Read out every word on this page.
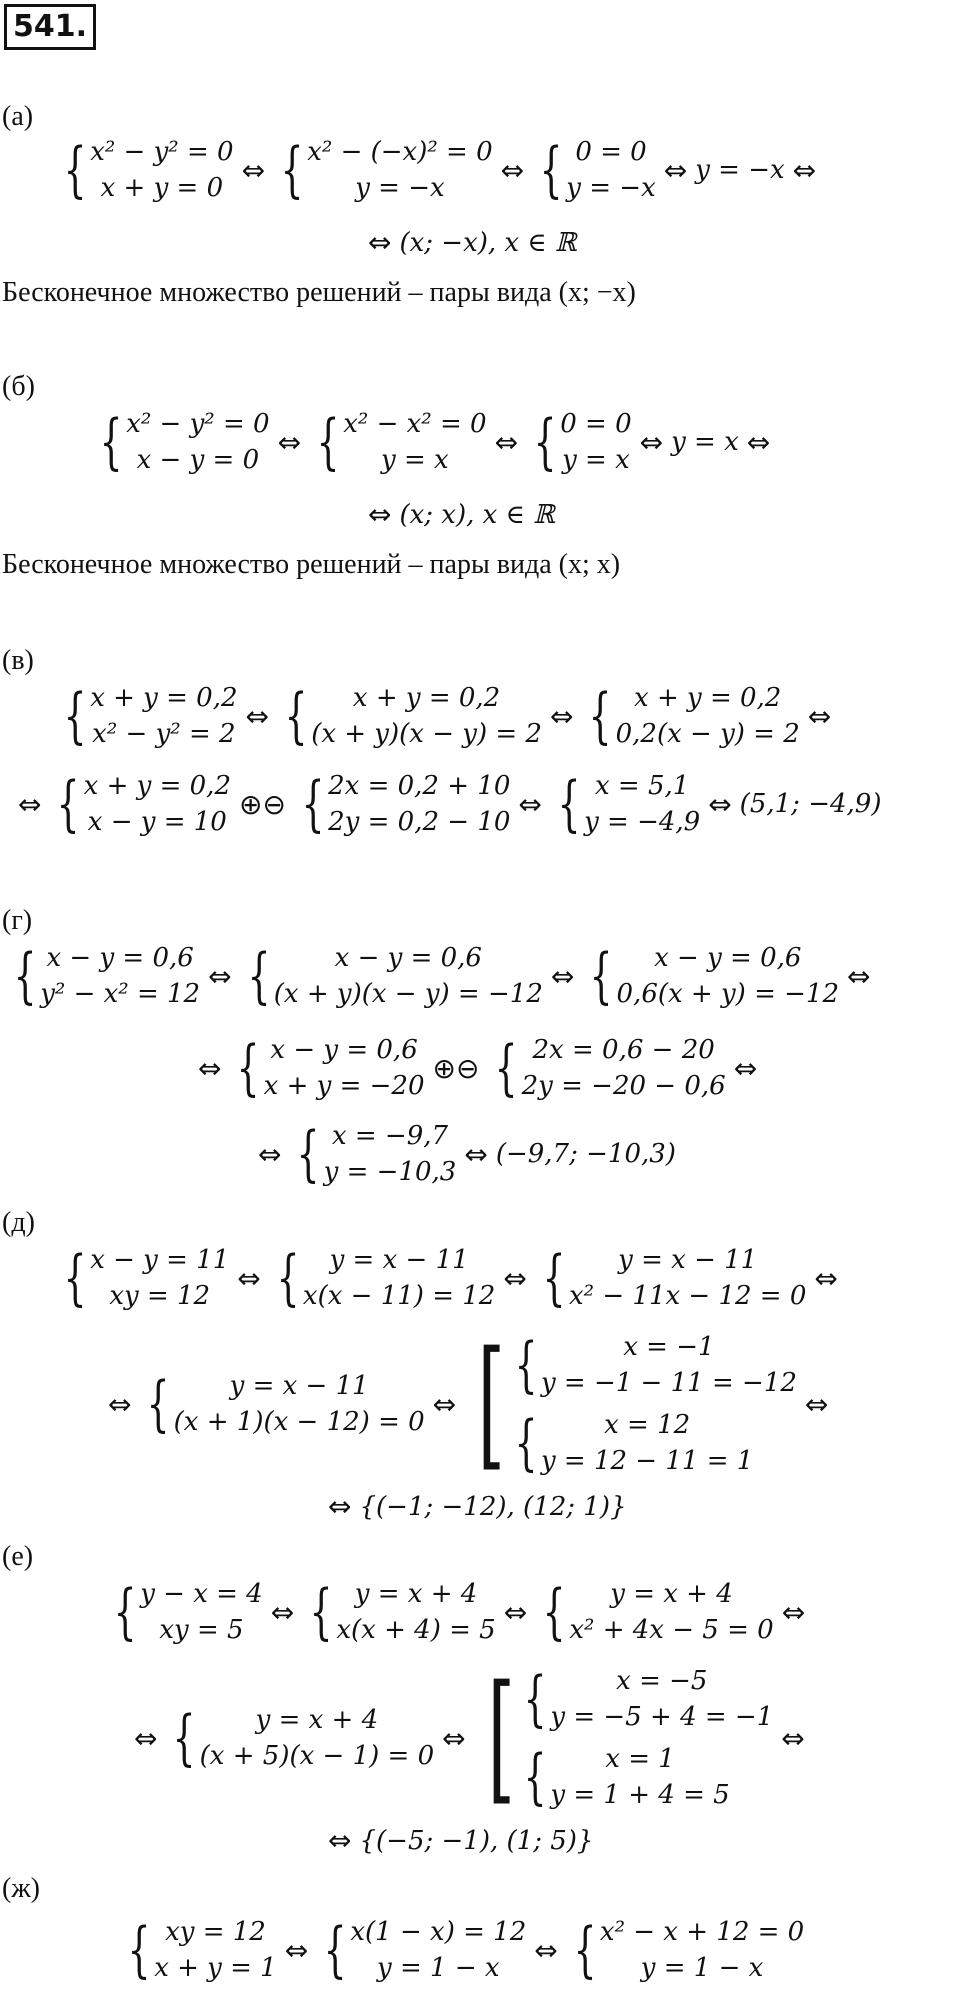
541.
(а)
{ x² − y² = 0
x + y = 0
⇔ { x² − (−x)² = 0
y = −x
⇔ { 0 = 0
y = −x
⇔ y = −x ⇔
⇔ (x; −x), x ∈ ℝ
Бесконечное множество решений – пары вида (x; −x)
(б)
{ x² − y² = 0
x − y = 0
⇔ { x² − x² = 0
y = x
⇔ { 0 = 0
y = x
⇔ y = x ⇔
⇔ (x; x), x ∈ ℝ
Бесконечное множество решений – пары вида (x; x)
(в)
{ x + y = 0,2
x² − y² = 2
⇔ {	x + y = 0,2
(x + y)(x − y) = 2
⇔ { x + y = 0,2
0,2(x − y) = 2
⇔
⇔ { x + y = 0,2
x − y = 10
⊕⊖ { 2x = 0,2 + 10
2y = 0,2 − 10
⇔ { x = 5,1
y = −4,9
⇔ (5,1; −4,9)
(г)
{ x − y = 0,6
y² − x² = 12
⇔ {	x − y = 0,6
(x + y)(x − y) = −12
⇔ {	x − y = 0,6
0,6(x + y) = −12
⇔
⇔ { x − y = 0,6
x + y = −20
⊕⊖ { 2x = 0,6 − 20
2y = −20 − 0,6
⇔
⇔ { x = −9,7
y = −10,3
⇔ (−9,7; −10,3)
(д)
{ x − y = 11
xy = 12
⇔ {	y = x − 11
x(x − 11) = 12
⇔ {	y = x − 11
x² − 11x − 12 = 0
⇔
⇔ {	y = x − 11
(x + 1)(x − 12) = 0
⇔ [ {	x = −1
y = −1 − 11 = −12
{	x = 12
y = 12 − 11 = 1
⇔
⇔ {(−1; −12), (12; 1)}
(е)
{ y − x = 4
xy = 5
⇔ { y = x + 4
x(x + 4) = 5
⇔ {	y = x + 4
x² + 4x − 5 = 0
⇔
⇔ {	y = x + 4
(x + 5)(x − 1) = 0
⇔ [ {	x = −5
y = −5 + 4 = −1
{	x = 1
y = 1 + 4 = 5
⇔
⇔ {(−5; −1), (1; 5)}
(ж)
{ xy = 12
x + y = 1
⇔ { x(1 − x) = 12
y = 1 − x
⇔ { x² − x + 12 = 0
y = 1 − x
